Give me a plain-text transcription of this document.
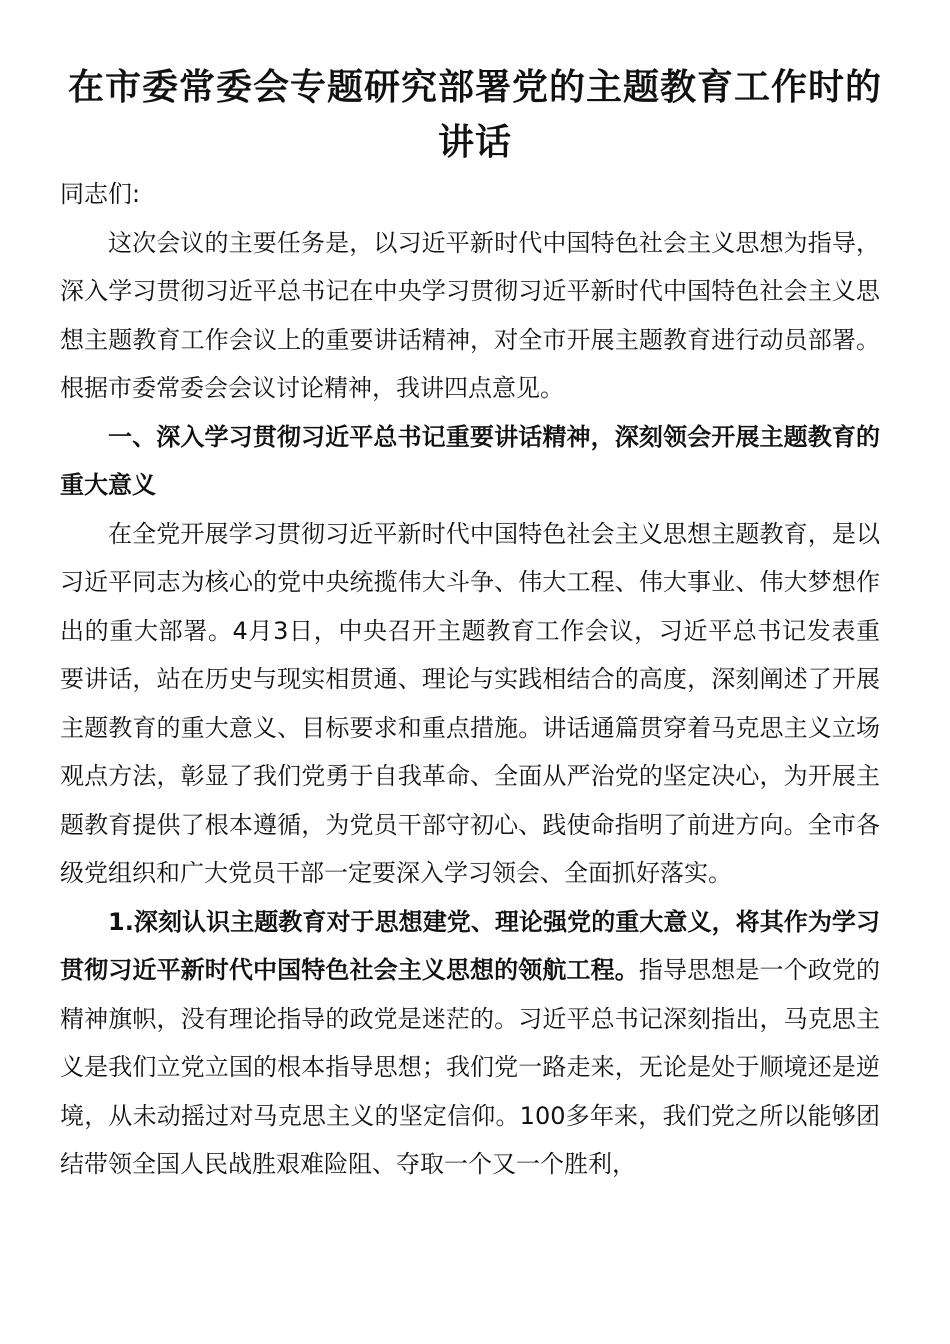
在市委常委会专题研究部署党的主题教育工作时的讲话

同志们:

这次会议的主要任务是，以习近平新时代中国特色社会主义思想为指导，深入学习贯彻习近平总书记在中央学习贯彻习近平新时代中国特色社会主义思想主题教育工作会议上的重要讲话精神，对全市开展主题教育进行动员部署。根据市委常委会会议讨论精神，我讲四点意见。

一、深入学习贯彻习近平总书记重要讲话精神，深刻领会开展主题教育的重大意义

在全党开展学习贯彻习近平新时代中国特色社会主义思想主题教育，是以习近平同志为核心的党中央统揽伟大斗争、伟大工程、伟大事业、伟大梦想作出的重大部署。4月3日，中央召开主题教育工作会议，习近平总书记发表重要讲话，站在历史与现实相贯通、理论与实践相结合的高度，深刻阐述了开展主题教育的重大意义、目标要求和重点措施。讲话通篇贯穿着马克思主义立场观点方法，彰显了我们党勇于自我革命、全面从严治党的坚定决心，为开展主题教育提供了根本遵循，为党员干部守初心、践使命指明了前进方向。全市各级党组织和广大党员干部一定要深入学习领会、全面抓好落实。

1.深刻认识主题教育对于思想建党、理论强党的重大意义，将其作为学习贯彻习近平新时代中国特色社会主义思想的领航工程。指导思想是一个政党的精神旗帜，没有理论指导的政党是迷茫的。习近平总书记深刻指出，马克思主义是我们立党立国的根本指导思想；我们党一路走来，无论是处于顺境还是逆境，从未动摇过对马克思主义的坚定信仰。100多年来，我们党之所以能够团结带领全国人民战胜艰难险阻、夺取一个又一个胜利，
